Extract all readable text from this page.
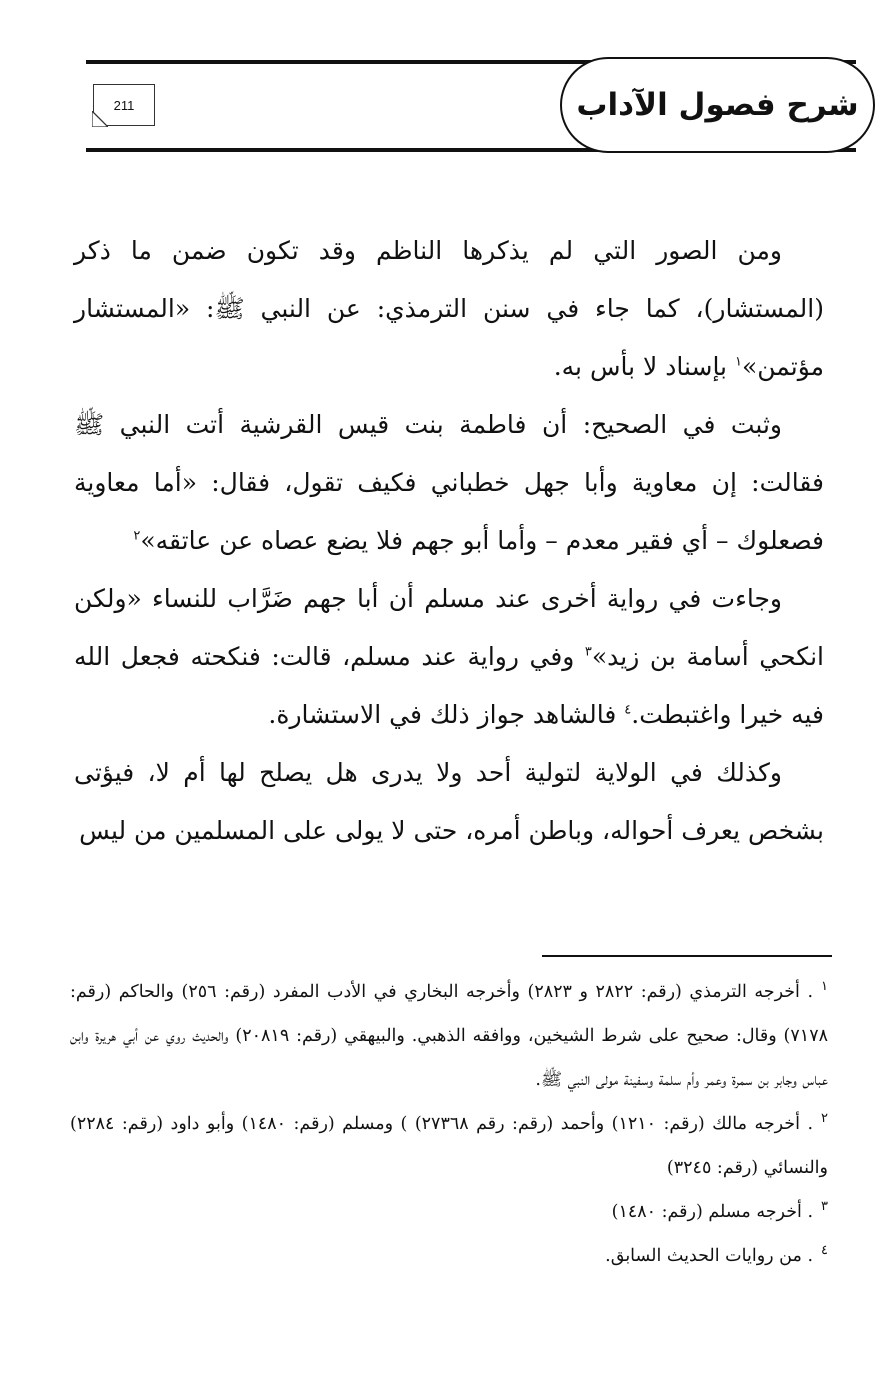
شرح فصول الآداب
211

ومن الصور التي لم يذكرها الناظم وقد تكون ضمن ما ذكر (المستشار)، كما جاء في سنن الترمذي: عن النبي ﷺ: «المستشار مؤتمن»$^١$ بإسناد لا بأس به.

وثبت في الصحيح: أن فاطمة بنت قيس القرشية أتت النبي ﷺ فقالت: إن معاوية وأبا جهل خطباني فكيف تقول، فقال: «أما معاوية فصعلوك – أي فقير معدم – وأما أبو جهم فلا يضع عصاه عن عاتقه»$^٢$

وجاءت في رواية أخرى عند مسلم أن أبا جهم ضَرَّاب للنساء «ولكن انكحي أسامة بن زيد»$^٣$ وفي رواية عند مسلم، قالت: فنكحته فجعل الله فيه خيرا واغتبطت.$^٤$ فالشاهد جواز ذلك في الاستشارة.

وكذلك في الولاية لتولية أحد ولا يدرى هل يصلح لها أم لا، فيؤتى بشخص يعرف أحواله، وباطن أمره، حتى لا يولى على المسلمين من ليس

$^١$. أخرجه الترمذي (رقم: ٢٨٢٢ و ٢٨٢٣) وأخرجه البخاري في الأدب المفرد (رقم: ٢٥٦) والحاكم (رقم: ٧١٧٨) وقال: صحيح على شرط الشيخين، ووافقه الذهبي. والبيهقي (رقم: ٢٠٨١٩) والحديث روي عن أبي هريرة وابن عباس وجابر بن سمرة وعمر وأم سلمة وسفينة مولى النبي ﷺ.

$^٢$. أخرجه مالك (رقم: ١٢١٠) وأحمد (رقم: رقم ٢٧٣٦٨) ) ومسلم (رقم: ١٤٨٠) وأبو داود (رقم: ٢٢٨٤) والنسائي (رقم: ٣٢٤٥)

$^٣$. أخرجه مسلم (رقم: ١٤٨٠)

$^٤$. من روايات الحديث السابق.
